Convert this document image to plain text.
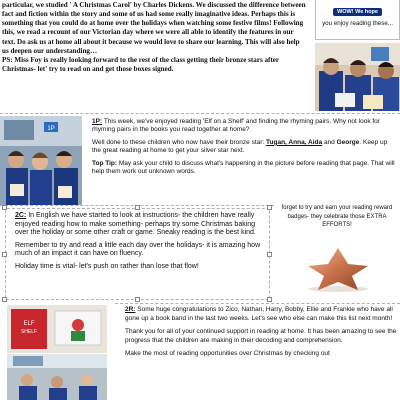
particular, we studied ' A Christmas Carol' by Charles Dickens. We discussed the difference between fact and fiction within the story and some of us had some really imaginative ideas. Perhaps this is something that you could do at home over the holidays when watching some festive films! Following this, we read a recount of our Victorian day where we were all able to identify the features in our text. Do ask us at home all about it because we would love to share our learning. This will also help us deepen our understanding…

PS: Miss Foy is really looking forward to the rest of the class getting their bronze stars after Christmas- let' try to read on and get those boxes signed.

WOW! We hope
you enjoy reading these...
1P

1P: This week, we've enjoyed reading 'Elf on a Shelf' and finding the rhyming pairs. Why not look for rhyming pairs in the books you read together at home?

Well done to these children who now have their bronze star: Tugan, Anna, Aida and George. Keep up the great reading at home to get your silver star next.

Top Tip: May ask your child to discuss what's happening in the picture before reading that page. That will help them work out unknown words.

2C: In English we have started to look at instructions- the children have really enjoyed reading how to make something- perhaps try some Christmas baking over the holiday or some other craft or game. Sneaky reading is the best kind.

Remember to try and read a little each day over the holidays- it is amazing how much of an impact it can have on fluency.

Holiday time is vital- let's push on rather than lose that flow!

forget to try and earn your reading reward badges- they celebrate those EXTRA EFFORTS!

ELF
SHELF

2R: Some huge congratulations to Zico, Nathan, Harry, Bobby, Ellie and Frankie who have all gone up a book band in the last two weeks. Let's see who else can make this list next month!

Thank you for all of your continued support in reading at home. It has been amazing to see the progress that the children are making in their decoding and comprehension.

Make the most of reading opportunities over Christmas by checking out
